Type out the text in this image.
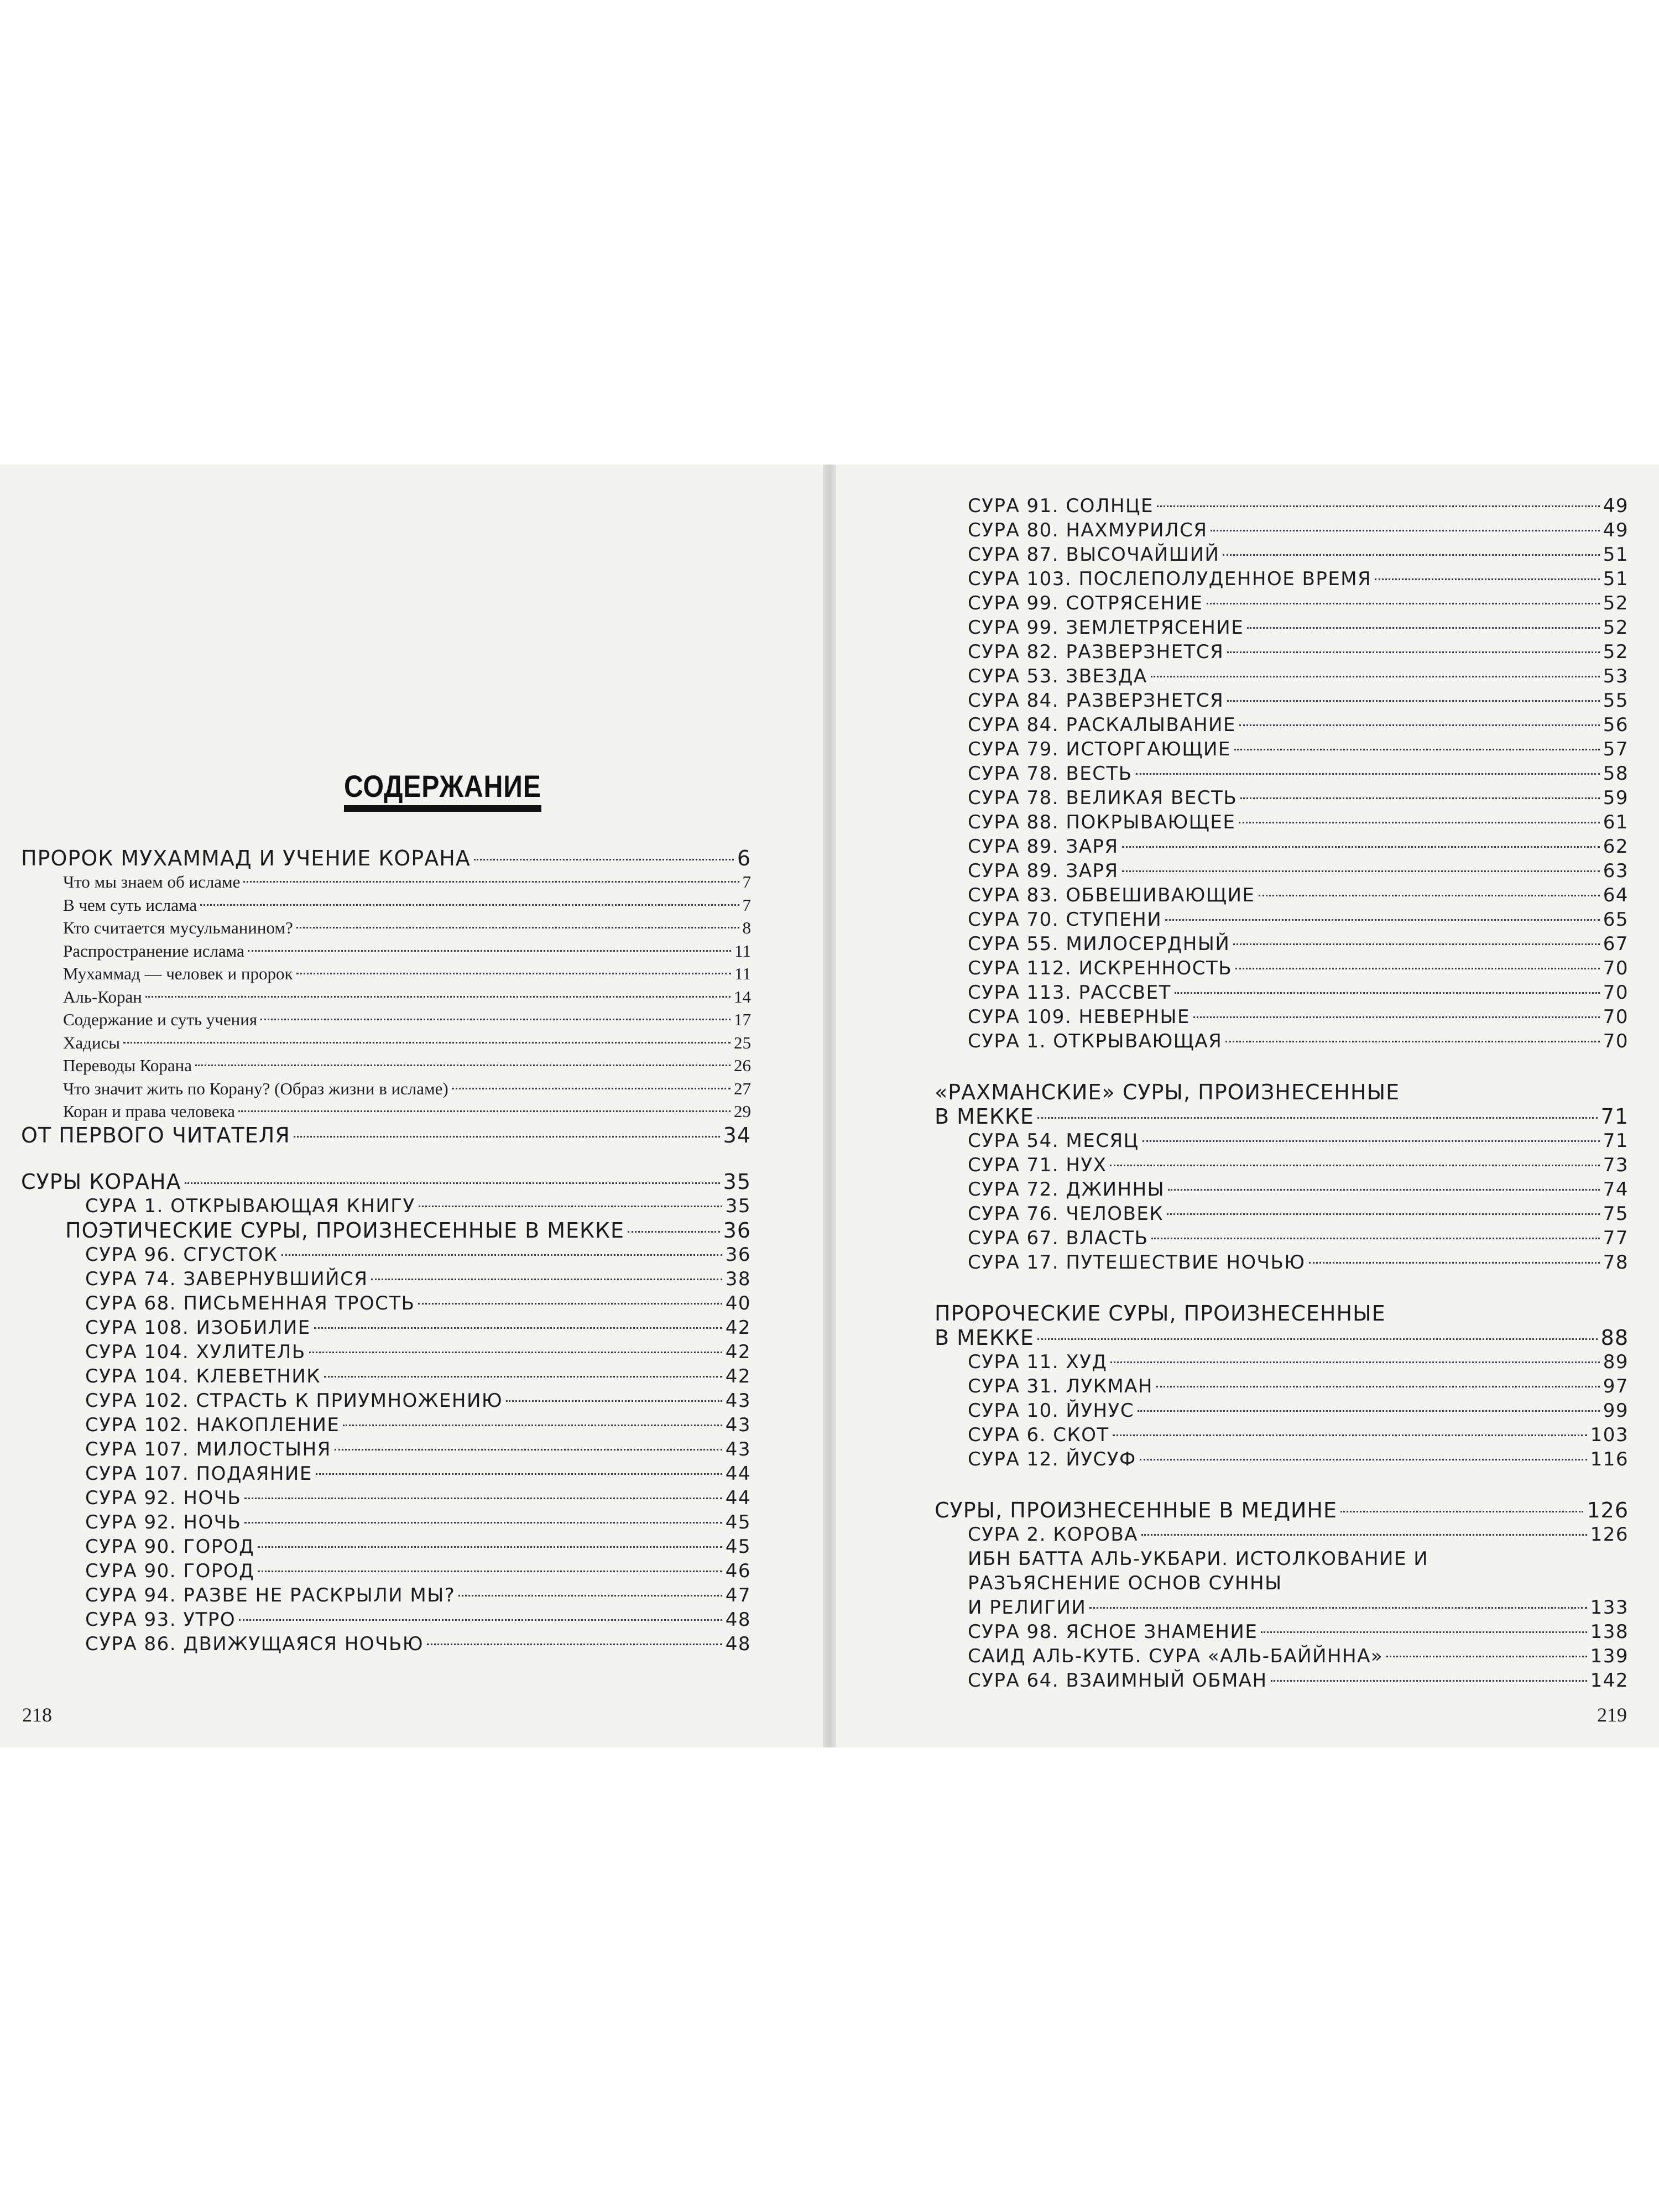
СОДЕРЖАНИЕ
ПРОРОК МУХАММАД И УЧЕНИЕ КОРАНА	6
Что мы знаем об исламе	7
В чем суть ислама	7
Кто считается мусульманином?	8
Распространение ислама	11
Мухаммад — человек и пророк	11
Аль-Коран	14
Содержание и суть учения	17
Хадисы	25
Переводы Корана	26
Что значит жить по Корану? (Образ жизни в исламе)	27
Коран и права человека	29
ОТ ПЕРВОГО ЧИТАТЕЛЯ	34
СУРЫ КОРАНА	35
СУРА 1. ОТКРЫВАЮЩАЯ КНИГУ	35
ПОЭТИЧЕСКИЕ СУРЫ, ПРОИЗНЕСЕННЫЕ В МЕККЕ	36
СУРА 96. СГУСТОК	36
СУРА 74. ЗАВЕРНУВШИЙСЯ	38
СУРА 68. ПИСЬМЕННАЯ ТРОСТЬ	40
СУРА 108. ИЗОБИЛИЕ	42
СУРА 104. ХУЛИТЕЛЬ	42
СУРА 104. КЛЕВЕТНИК	42
СУРА 102. СТРАСТЬ К ПРИУМНОЖЕНИЮ	43
СУРА 102. НАКОПЛЕНИЕ	43
СУРА 107. МИЛОСТЫНЯ	43
СУРА 107. ПОДАЯНИЕ	44
СУРА 92. НОЧЬ	44
СУРА 92. НОЧЬ	45
СУРА 90. ГОРОД	45
СУРА 90. ГОРОД	46
СУРА 94. РАЗВЕ НЕ РАСКРЫЛИ МЫ?	47
СУРА 93. УТРО	48
СУРА 86. ДВИЖУЩАЯСЯ НОЧЬЮ	48
СУРА 91. СОЛНЦЕ	49
СУРА 80. НАХМУРИЛСЯ	49
СУРА 87. ВЫСОЧАЙШИЙ	51
СУРА 103. ПОСЛЕПОЛУДЕННОЕ ВРЕМЯ	51
СУРА 99. СОТРЯСЕНИЕ	52
СУРА 99. ЗЕМЛЕТРЯСЕНИЕ	52
СУРА 82. РАЗВЕРЗНЕТСЯ	52
СУРА 53. ЗВЕЗДА	53
СУРА 84. РАЗВЕРЗНЕТСЯ	55
СУРА 84. РАСКАЛЫВАНИЕ	56
СУРА 79. ИСТОРГАЮЩИЕ	57
СУРА 78. ВЕСТЬ	58
СУРА 78. ВЕЛИКАЯ ВЕСТЬ	59
СУРА 88. ПОКРЫВАЮЩЕЕ	61
СУРА 89. ЗАРЯ	62
СУРА 89. ЗАРЯ	63
СУРА 83. ОБВЕШИВАЮЩИЕ	64
СУРА 70. СТУПЕНИ	65
СУРА 55. МИЛОСЕРДНЫЙ	67
СУРА 112. ИСКРЕННОСТЬ	70
СУРА 113. РАССВЕТ	70
СУРА 109. НЕВЕРНЫЕ	70
СУРА 1. ОТКРЫВАЮЩАЯ	70
«РАХМАНСКИЕ» СУРЫ, ПРОИЗНЕСЕННЫЕ
В МЕККЕ	71
СУРА 54. МЕСЯЦ	71
СУРА 71. НУХ	73
СУРА 72. ДЖИННЫ	74
СУРА 76. ЧЕЛОВЕК	75
СУРА 67. ВЛАСТЬ	77
СУРА 17. ПУТЕШЕСТВИЕ НОЧЬЮ	78
ПРОРОЧЕСКИЕ СУРЫ, ПРОИЗНЕСЕННЫЕ
В МЕККЕ	88
СУРА 11. ХУД	89
СУРА 31. ЛУКМАН	97
СУРА 10. ЙУНУС	99
СУРА 6. СКОТ	103
СУРА 12. ЙУСУФ	116
СУРЫ, ПРОИЗНЕСЕННЫЕ В МЕДИНЕ	126
СУРА 2. КОРОВА	126
ИБН БАТТА АЛЬ-УКБАРИ. ИСТОЛКОВАНИЕ И
РАЗЪЯСНЕНИЕ ОСНОВ СУННЫ
И РЕЛИГИИ	133
СУРА 98. ЯСНОЕ ЗНАМЕНИЕ	138
САИД АЛЬ-КУТБ. СУРА «АЛЬ-БАЙЙННА»	139
СУРА 64. ВЗАИМНЫЙ ОБМАН	142
218	219
